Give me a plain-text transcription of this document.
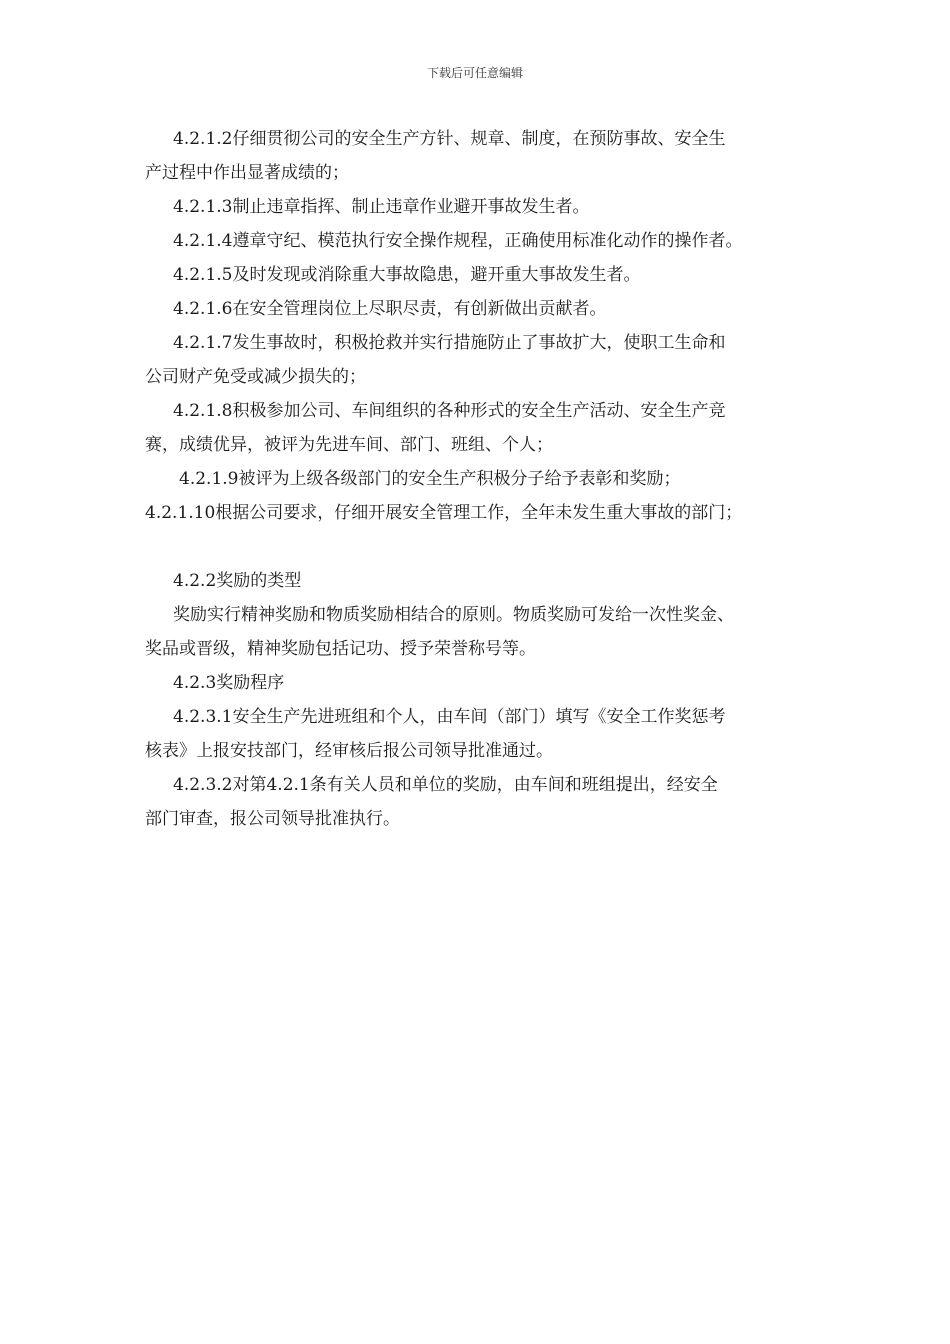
下载后可任意编辑

4.2.1.2仔细贯彻公司的安全生产方针、规章、制度，在预防事故、安全生

产过程中作出显著成绩的；

4.2.1.3制止违章指挥、制止违章作业避开事故发生者。

4.2.1.4遵章守纪、模范执行安全操作规程，正确使用标准化动作的操作者。

4.2.1.5及时发现或消除重大事故隐患，避开重大事故发生者。

4.2.1.6在安全管理岗位上尽职尽责，有创新做出贡献者。

4.2.1.7发生事故时，积极抢救并实行措施防止了事故扩大，使职工生命和

公司财产免受或减少损失的；

4.2.1.8积极参加公司、车间组织的各种形式的安全生产活动、安全生产竞

赛，成绩优异，被评为先进车间、部门、班组、个人；

4.2.1.9被评为上级各级部门的安全生产积极分子给予表彰和奖励；

4.2.1.10根据公司要求，仔细开展安全管理工作，全年未发生重大事故的部门；

4.2.2奖励的类型

奖励实行精神奖励和物质奖励相结合的原则。物质奖励可发给一次性奖金、

奖品或晋级，精神奖励包括记功、授予荣誉称号等。

4.2.3奖励程序

4.2.3.1安全生产先进班组和个人，由车间（部门）填写《安全工作奖惩考

核表》上报安技部门，经审核后报公司领导批准通过。

4.2.3.2对第4.2.1条有关人员和单位的奖励，由车间和班组提出，经安全

部门审查，报公司领导批准执行。
